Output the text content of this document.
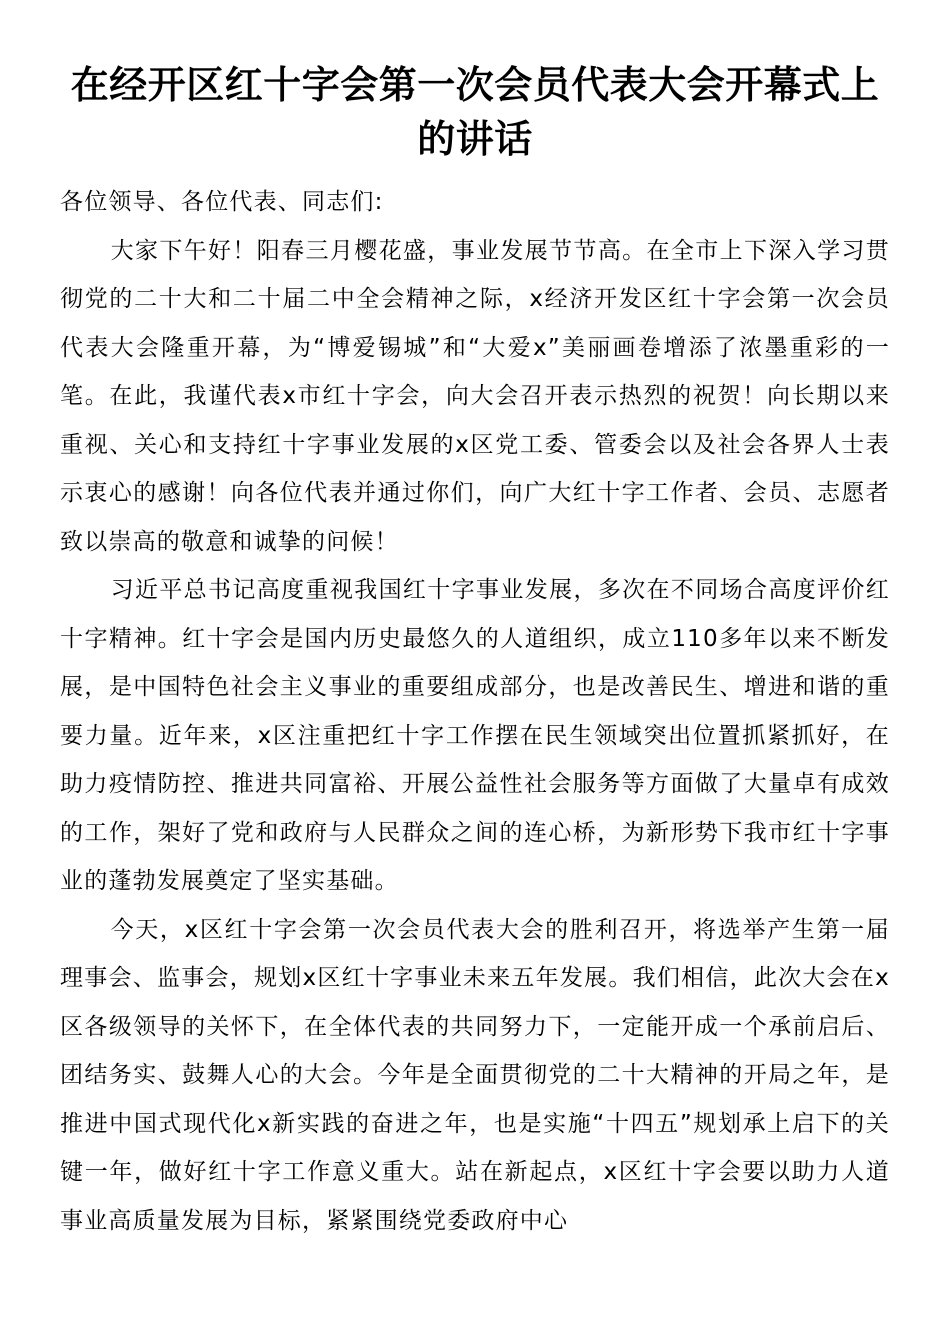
在经开区红十字会第一次会员代表大会开幕式上的讲话

各位领导、各位代表、同志们:

大家下午好！阳春三月樱花盛，事业发展节节高。在全市上下深入学习贯彻党的二十大和二十届二中全会精神之际，x经济开发区红十字会第一次会员代表大会隆重开幕，为“博爱锡城”和“大爱x”美丽画卷增添了浓墨重彩的一笔。在此，我谨代表x市红十字会，向大会召开表示热烈的祝贺！向长期以来重视、关心和支持红十字事业发展的x区党工委、管委会以及社会各界人士表示衷心的感谢！向各位代表并通过你们，向广大红十字工作者、会员、志愿者致以崇高的敬意和诚挚的问候！

习近平总书记高度重视我国红十字事业发展，多次在不同场合高度评价红十字精神。红十字会是国内历史最悠久的人道组织，成立110多年以来不断发展，是中国特色社会主义事业的重要组成部分，也是改善民生、增进和谐的重要力量。近年来，x区注重把红十字工作摆在民生领域突出位置抓紧抓好，在助力疫情防控、推进共同富裕、开展公益性社会服务等方面做了大量卓有成效的工作，架好了党和政府与人民群众之间的连心桥，为新形势下我市红十字事业的蓬勃发展奠定了坚实基础。

今天，x区红十字会第一次会员代表大会的胜利召开，将选举产生第一届理事会、监事会，规划x区红十字事业未来五年发展。我们相信，此次大会在x区各级领导的关怀下，在全体代表的共同努力下，一定能开成一个承前启后、团结务实、鼓舞人心的大会。今年是全面贯彻党的二十大精神的开局之年，是推进中国式现代化x新实践的奋进之年，也是实施“十四五”规划承上启下的关键一年，做好红十字工作意义重大。站在新起点，x区红十字会要以助力人道事业高质量发展为目标，紧紧围绕党委政府中心
